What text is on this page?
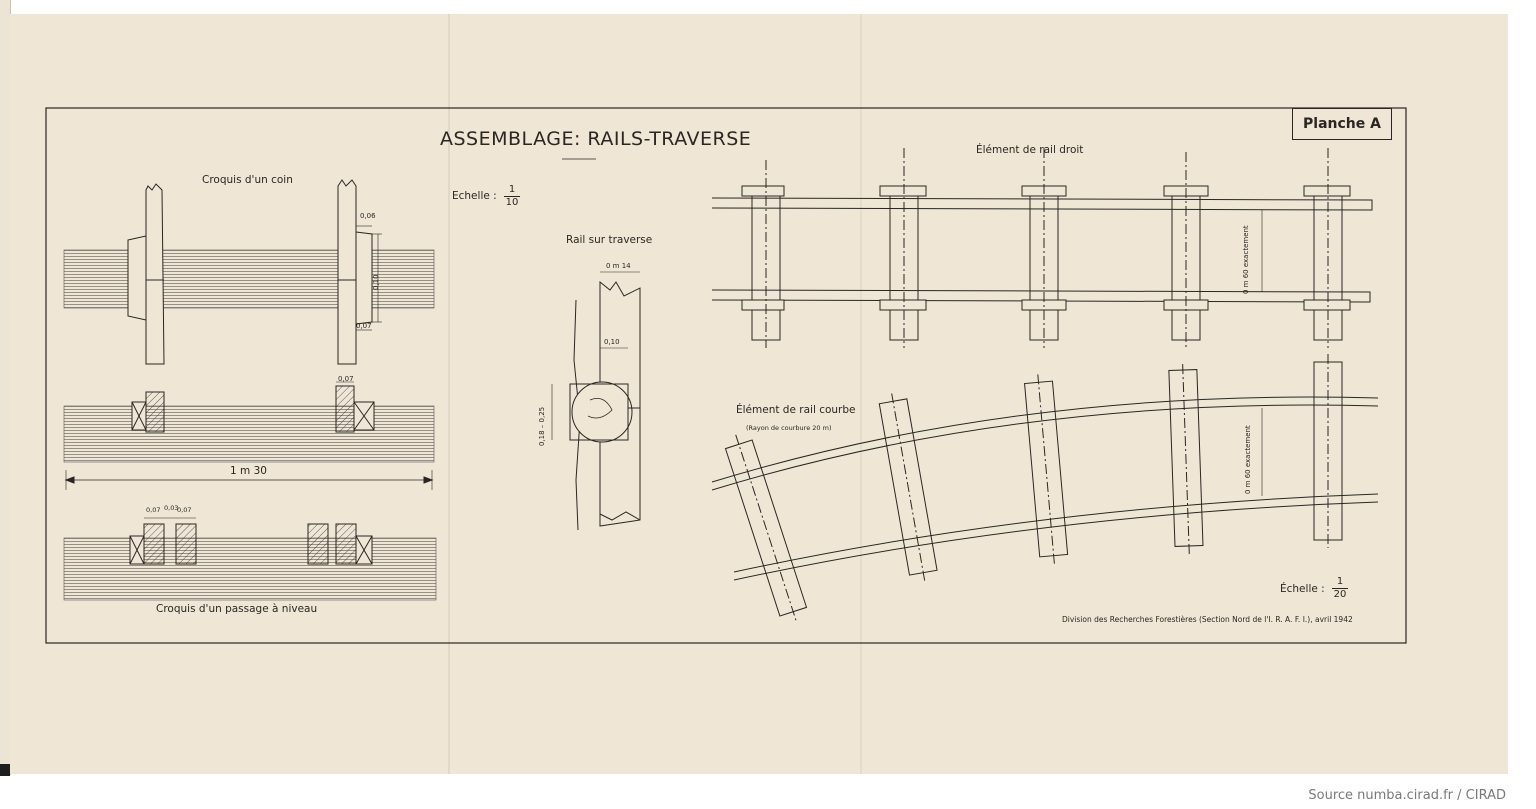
ASSEMBLAGE: RAILS-TRAVERSE
Planche A
Croquis d'un coin
0,06
0,10
0,07
0,07
1 m 30
0,07 0,03
0,07
Croquis d'un passage à niveau
Echelle : $\frac{1}{10}$
Rail sur traverse
0 m 14
0,10
0,18 – 0,25
Élément de rail droit
0 m 60 exactement
Élément de rail courbe
(Rayon de courbure 20 m)	0 m 60 exactement
Échelle : $\frac{1}{20}$
Division des Recherches Forestières (Section Nord de l'I. R. A. F. I.), avril 1942
Source numba.cirad.fr / CIRAD
